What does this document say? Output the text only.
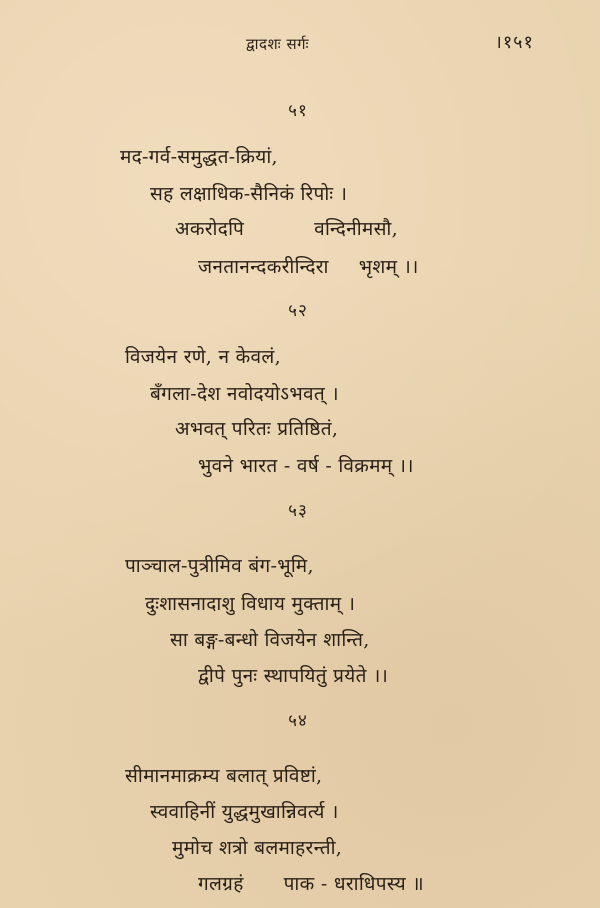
द्वादशः सर्गः	।१५१
५१
मद-गर्व-समुद्धत-क्रियां,
सह लक्षाधिक-सैनिकं रिपोः ।
अकरोदपि	वन्दिनीमसौ,
जनतानन्दकरीन्दिरा भृशम् ।।
५२
विजयेन रणे, न केवलं,
बँगला-देश नवोदयोऽभवत् ।
अभवत् परितः प्रतिष्ठितं,
भुवने भारत - वर्ष - विक्रमम् ।।
५३
पाञ्चाल-पुत्रीमिव बंग-भूमि,
दुःशासनादाशु विधाय मुक्ताम् ।
सा बङ्ग-बन्धो विजयेन शान्ति,
द्वीपे पुनः स्थापयितुं प्रयेते ।।
५४
सीमानमाक्रम्य बलात् प्रविष्टां,
स्ववाहिनीं युद्धमुखान्निवर्त्य ।
मुमोच शत्रो बलमाहरन्ती,
गलग्रहं पाक - धराधिपस्य ॥
